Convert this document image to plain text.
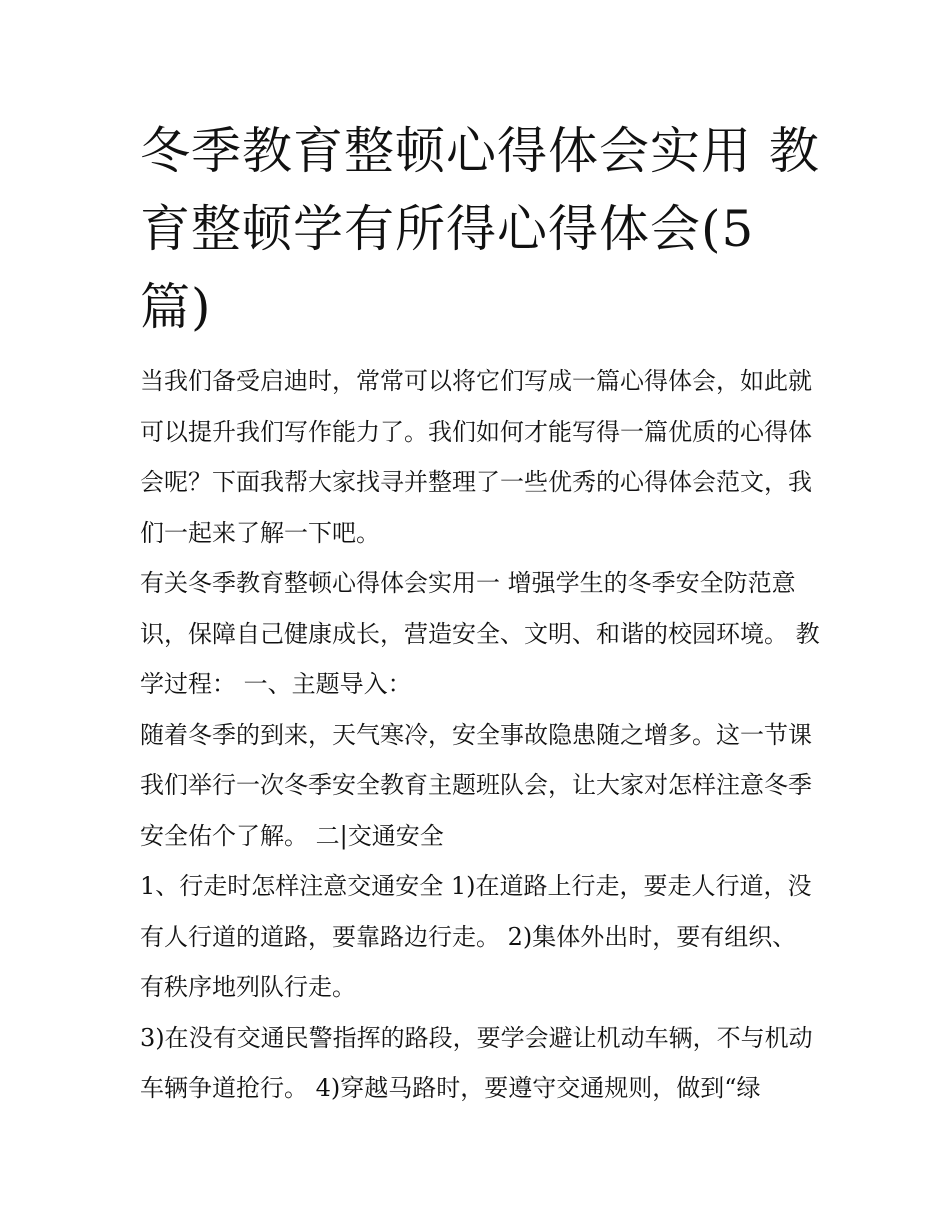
冬季教育整顿心得体会实用 教育整顿学有所得心得体会(5篇)

当我们备受启迪时，常常可以将它们写成一篇心得体会，如此就可以提升我们写作能力了。我们如何才能写得一篇优质的心得体会呢？下面我帮大家找寻并整理了一些优秀的心得体会范文，我们一起来了解一下吧。

有关冬季教育整顿心得体会实用一 增强学生的冬季安全防范意识，保障自己健康成长，营造安全、文明、和谐的校园环境。 教学过程： 一、主题导入：

随着冬季的到来，天气寒冷，安全事故隐患随之增多。这一节课我们举行一次冬季安全教育主题班队会，让大家对怎样注意冬季安全佑个了解。 二|交通安全

1、行走时怎样注意交通安全 1)在道路上行走，要走人行道，没有人行道的道路，要靠路边行走。 2)集体外出时，要有组织、有秩序地列队行走。

3)在没有交通民警指挥的路段，要学会避让机动车辆，不与机动车辆争道抢行。 4)穿越马路时，要遵守交通规则，做到“绿
